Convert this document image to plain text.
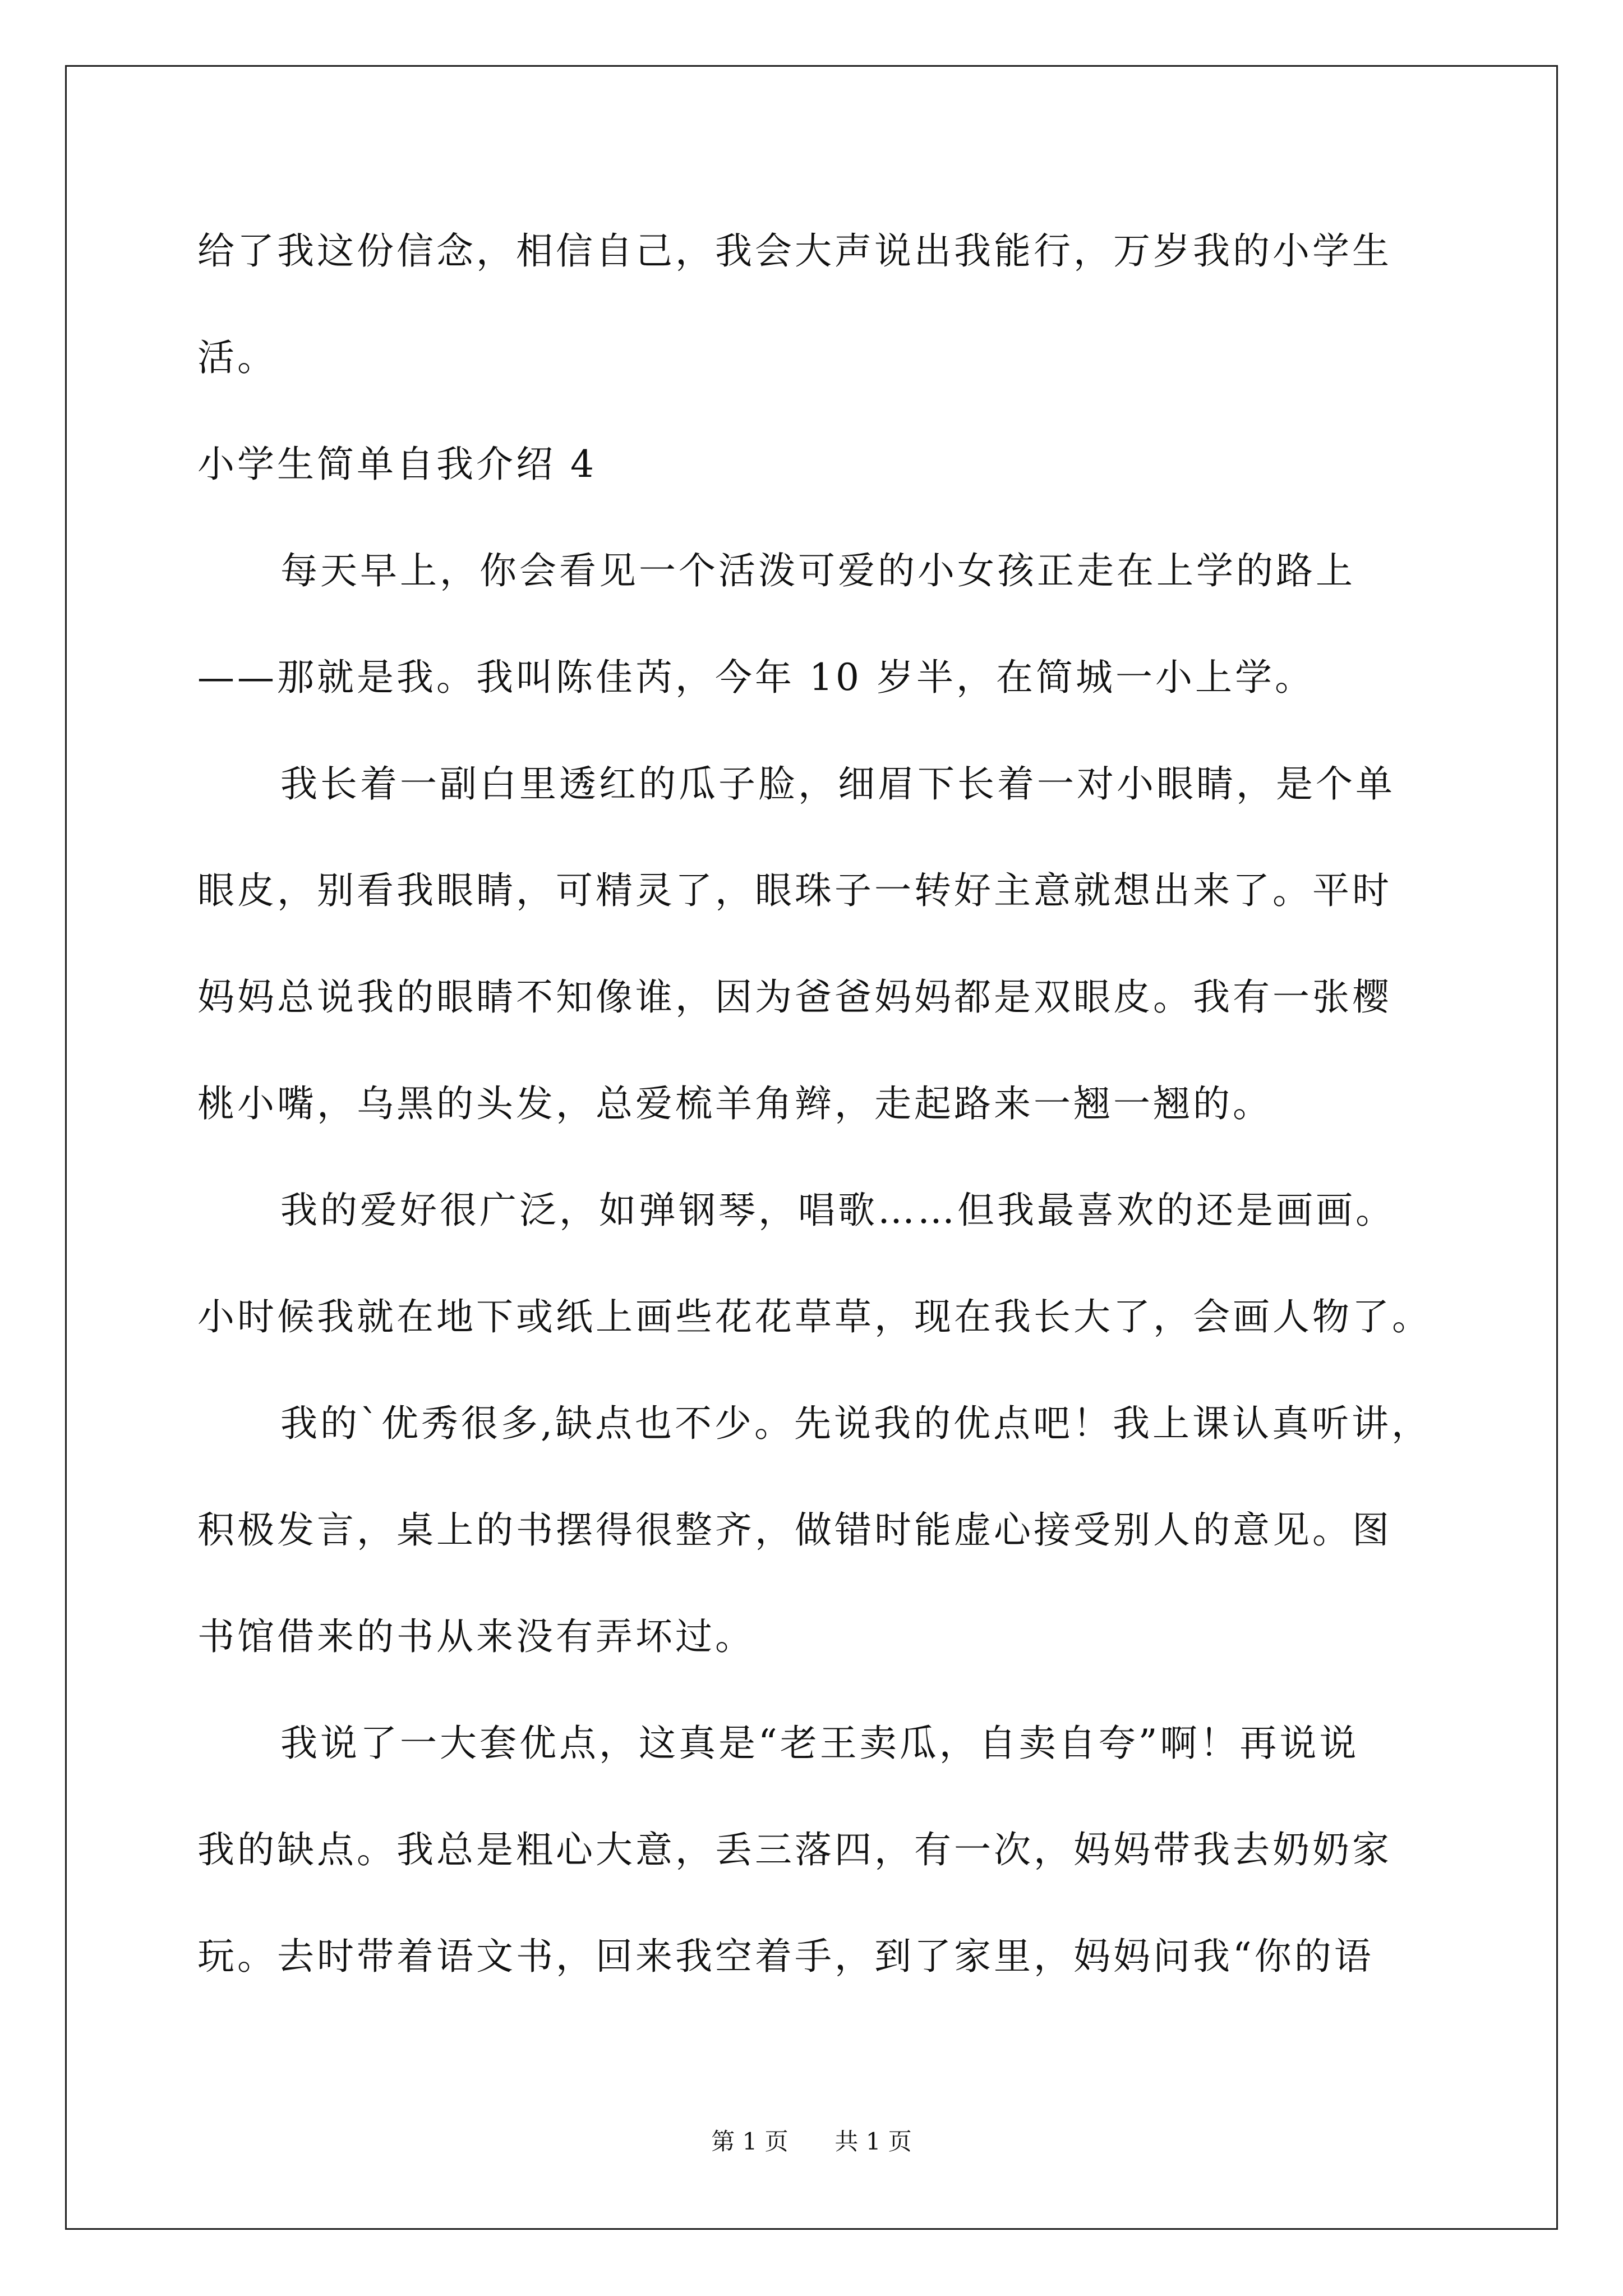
给了我这份信念，相信自己，我会大声说出我能行，万岁我的小学生
活。
小学生简单自我介绍 4
每天早上，你会看见一个活泼可爱的小女孩正走在上学的路上
——那就是我。我叫陈佳芮，今年 10 岁半，在简城一小上学。
我长着一副白里透红的瓜子脸，细眉下长着一对小眼睛，是个单
眼皮，别看我眼睛，可精灵了，眼珠子一转好主意就想出来了。平时
妈妈总说我的眼睛不知像谁，因为爸爸妈妈都是双眼皮。我有一张樱
桃小嘴，乌黑的头发，总爱梳羊角辫，走起路来一翘一翘的。
我的爱好很广泛，如弹钢琴，唱歌……但我最喜欢的还是画画。
小时候我就在地下或纸上画些花花草草，现在我长大了，会画人物了。
我的`优秀很多,缺点也不少。先说我的优点吧！我上课认真听讲，
积极发言，桌上的书摆得很整齐，做错时能虚心接受别人的意见。图
书馆借来的书从来没有弄坏过。
我说了一大套优点，这真是“老王卖瓜，自卖自夸”啊！再说说
我的缺点。我总是粗心大意，丢三落四，有一次，妈妈带我去奶奶家
玩。去时带着语文书，回来我空着手，到了家里，妈妈问我“你的语
第 1 页 共 1 页
